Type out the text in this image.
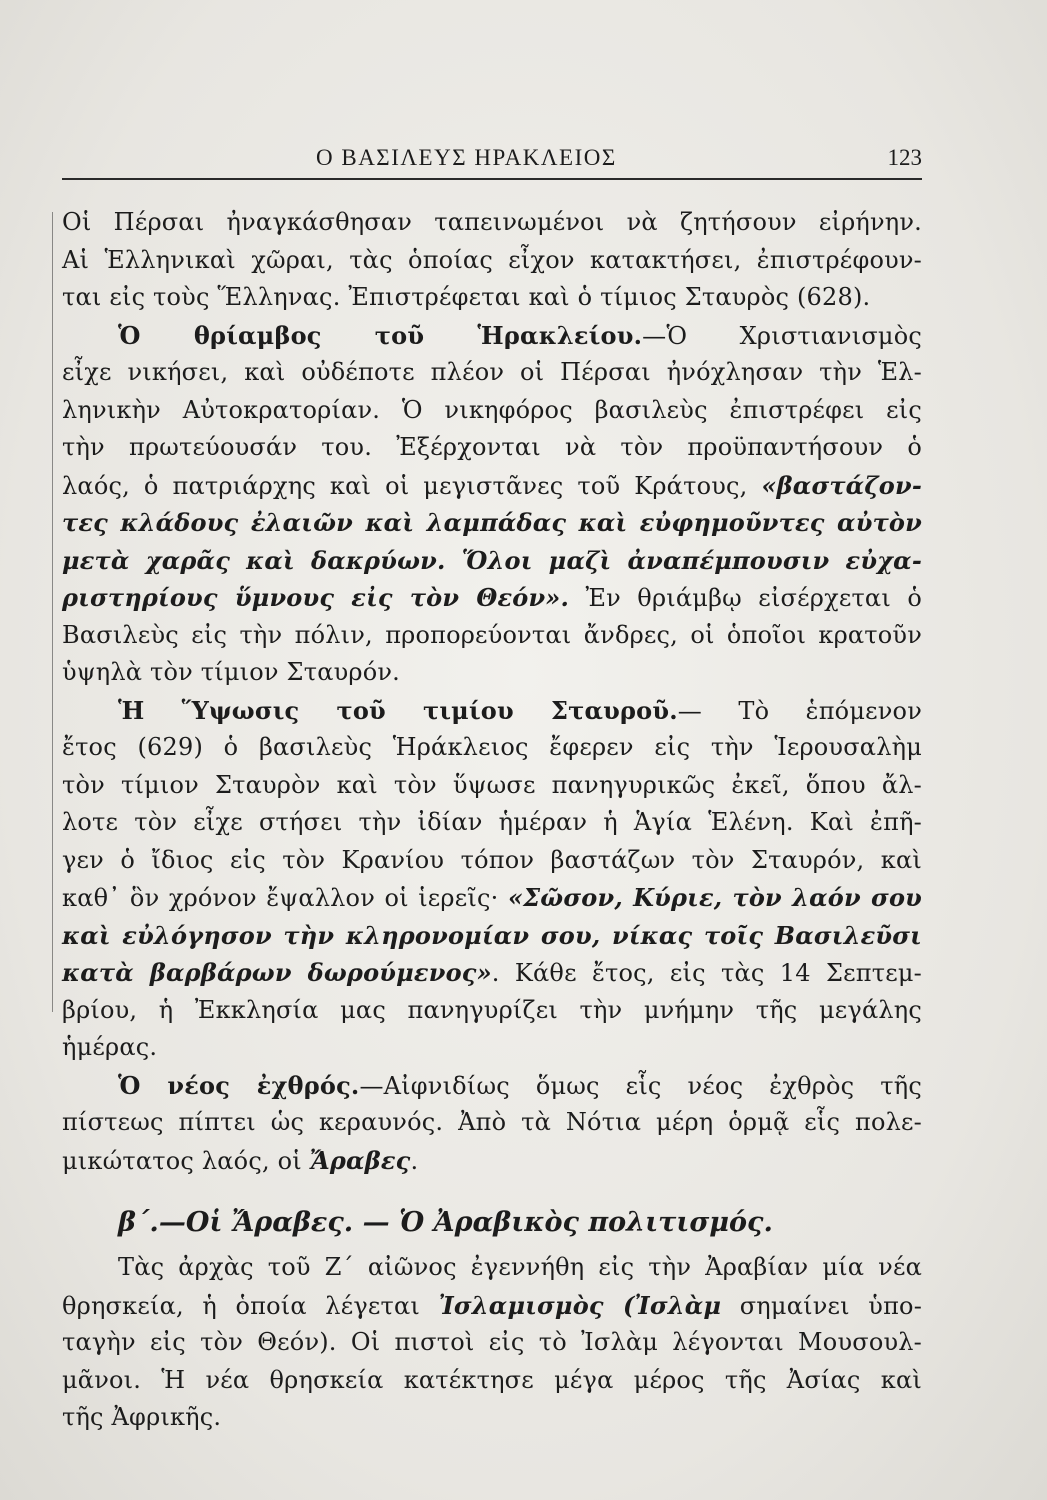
Ο ΒΑΣΙΛΕΥΣ ΗΡΑΚΛΕΙΟΣ	123
Οἱ Πέρσαι ἠναγκάσθησαν ταπεινωμένοι νὰ ζητήσουν εἰρήνην.
Αἱ Ἑλληνικαὶ χῶραι, τὰς ὁποίας εἶχον κατακτήσει, ἐπιστρέφουν-
ται εἰς τοὺς Ἕλληνας. Ἐπιστρέφεται καὶ ὁ τίμιος Σταυρὸς (628).
Ὁ θρίαμβος τοῦ Ἡρακλείου.—Ὁ Χριστιανισμὸς
εἶχε νικήσει, καὶ οὐδέποτε πλέον οἱ Πέρσαι ἠνόχλησαν τὴν Ἑλ-
ληνικὴν Αὐτοκρατορίαν. Ὁ νικηφόρος βασιλεὺς ἐπιστρέφει εἰς
τὴν πρωτεύουσάν του. Ἐξέρχονται νὰ τὸν προϋπαντήσουν ὁ
λαός, ὁ πατριάρχης καὶ οἱ μεγιστᾶνες τοῦ Κράτους, «βαστάζον-
τες κλάδους ἐλαιῶν καὶ λαμπάδας καὶ εὐφημοῦντες αὐτὸν
μετὰ χαρᾶς καὶ δακρύων. Ὅλοι μαζὶ ἀναπέμπουσιν εὐχα-
ριστηρίους ὕμνους εἰς τὸν Θεόν». Ἐν θριάμβῳ εἰσέρχεται ὁ
Βασιλεὺς εἰς τὴν πόλιν, προπορεύονται ἄνδρες, οἱ ὁποῖοι κρατοῦν
ὑψηλὰ τὸν τίμιον Σταυρόν.
Ἡ Ὕψωσις τοῦ τιμίου Σταυροῦ.— Τὸ ἑπόμενον
ἔτος (629) ὁ βασιλεὺς Ἡράκλειος ἔφερεν εἰς τὴν Ἱερουσαλὴμ
τὸν τίμιον Σταυρὸν καὶ τὸν ὕψωσε πανηγυρικῶς ἐκεῖ, ὅπου ἄλ-
λοτε τὸν εἶχε στήσει τὴν ἰδίαν ἡμέραν ἡ Ἁγία Ἑλένη. Καὶ ἐπῆ-
γεν ὁ ἴδιος εἰς τὸν Κρανίου τόπον βαστάζων τὸν Σταυρόν, καὶ
καθ᾽ ὃν χρόνον ἔψαλλον οἱ ἱερεῖς· «Σῶσον, Κύριε, τὸν λαόν σου
καὶ εὐλόγησον τὴν κληρονομίαν σου, νίκας τοῖς Βασιλεῦσι
κατὰ βαρβάρων δωρούμενος». Κάθε ἔτος, εἰς τὰς 14 Σεπτεμ-
βρίου, ἡ Ἐκκλησία μας πανηγυρίζει τὴν μνήμην τῆς μεγάλης
ἡμέρας.
Ὁ νέος ἐχθρός.—Αἰφνιδίως ὅμως εἷς νέος ἐχθρὸς τῆς
πίστεως πίπτει ὡς κεραυνός. Ἀπὸ τὰ Νότια μέρη ὁρμᾷ εἷς πολε-
μικώτατος λαός, οἱ Ἄραβες.
β΄.—Οἱ Ἄραβες. — Ὁ Ἀραβικὸς πολιτισμός.
Τὰς ἀρχὰς τοῦ Ζ΄ αἰῶνος ἐγεννήθη εἰς τὴν Ἀραβίαν μία νέα
θρησκεία, ἡ ὁποία λέγεται Ἰσλαμισμὸς (Ἰσλὰμ σημαίνει ὑπο-
ταγὴν εἰς τὸν Θεόν). Οἱ πιστοὶ εἰς τὸ Ἰσλὰμ λέγονται Μουσουλ-
μᾶνοι. Ἡ νέα θρησκεία κατέκτησε μέγα μέρος τῆς Ἀσίας καὶ
τῆς Ἀφρικῆς.
